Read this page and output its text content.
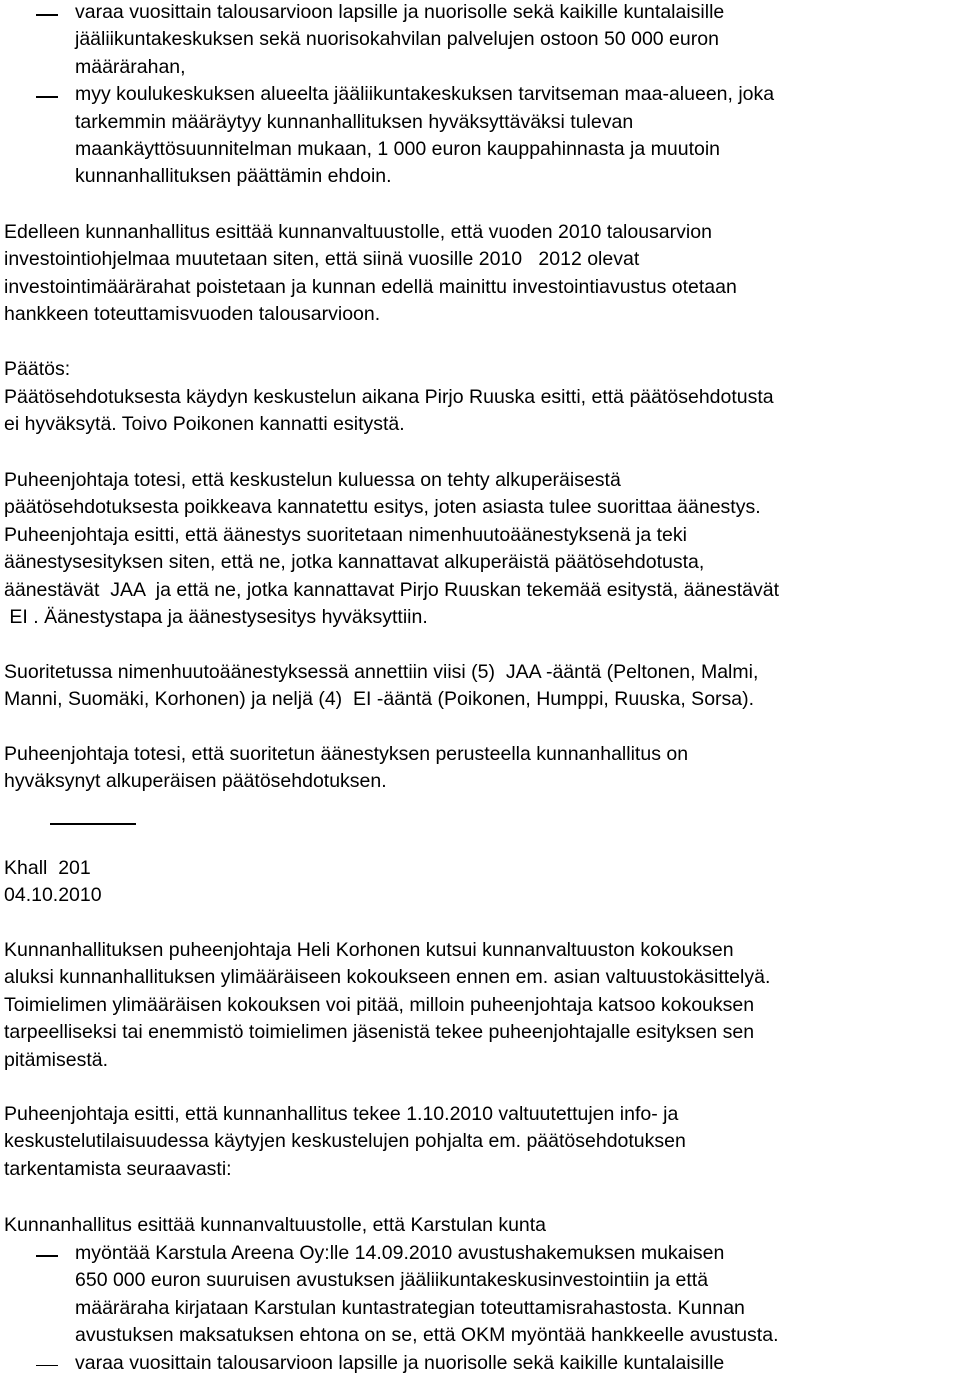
varaa vuosittain talousarvioon lapsille ja nuorisolle sekä kaikille kuntalaisille
jääliikuntakeskuksen sekä nuorisokahvilan palvelujen ostoon 50 000 euron
määrärahan,
myy koulukeskuksen alueelta jääliikuntakeskuksen tarvitseman maa-alueen, joka
tarkemmin määräytyy kunnanhallituksen hyväksyttäväksi tulevan
maankäyttösuunnitelman mukaan, 1 000 euron kauppahinnasta ja muutoin
kunnanhallituksen päättämin ehdoin.
Edelleen kunnanhallitus esittää kunnanvaltuustolle, että vuoden 2010 talousarvion
investointiohjelmaa muutetaan siten, että siinä vuosille 2010   2012 olevat
investointimäärärahat poistetaan ja kunnan edellä mainittu investointiavustus otetaan
hankkeen toteuttamisvuoden talousarvioon.
Päätös:
Päätösehdotuksesta käydyn keskustelun aikana Pirjo Ruuska esitti, että päätösehdotusta
ei hyväksytä. Toivo Poikonen kannatti esitystä.
Puheenjohtaja totesi, että keskustelun kuluessa on tehty alkuperäisestä
päätösehdotuksesta poikkeava kannatettu esitys, joten asiasta tulee suorittaa äänestys.
Puheenjohtaja esitti, että äänestys suoritetaan nimenhuutoäänestyksenä ja teki
äänestysesityksen siten, että ne, jotka kannattavat alkuperäistä päätösehdotusta,
äänestävät  JAA  ja että ne, jotka kannattavat Pirjo Ruuskan tekemää esitystä, äänestävät
EI . Äänestystapa ja äänestysesitys hyväksyttiin.
Suoritetussa nimenhuutoäänestyksessä annettiin viisi (5)  JAA -ääntä (Peltonen, Malmi,
Manni, Suomäki, Korhonen) ja neljä (4)  EI -ääntä (Poikonen, Humppi, Ruuska, Sorsa).
Puheenjohtaja totesi, että suoritetun äänestyksen perusteella kunnanhallitus on
hyväksynyt alkuperäisen päätösehdotuksen.
Khall  201
04.10.2010
Kunnanhallituksen puheenjohtaja Heli Korhonen kutsui kunnanvaltuuston kokouksen
aluksi kunnanhallituksen ylimääräiseen kokoukseen ennen em. asian valtuustokäsittelyä.
Toimielimen ylimääräisen kokouksen voi pitää, milloin puheenjohtaja katsoo kokouksen
tarpeelliseksi tai enemmistö toimielimen jäsenistä tekee puheenjohtajalle esityksen sen
pitämisestä.
Puheenjohtaja esitti, että kunnanhallitus tekee 1.10.2010 valtuutettujen info- ja
keskustelutilaisuudessa käytyjen keskustelujen pohjalta em. päätösehdotuksen
tarkentamista seuraavasti:
Kunnanhallitus esittää kunnanvaltuustolle, että Karstulan kunta
myöntää Karstula Areena Oy:lle 14.09.2010 avustushakemuksen mukaisen
650 000 euron suuruisen avustuksen jääliikuntakeskusinvestointiin ja että
määräraha kirjataan Karstulan kuntastrategian toteuttamisrahastosta. Kunnan
avustuksen maksatuksen ehtona on se, että OKM myöntää hankkeelle avustusta.
varaa vuosittain talousarvioon lapsille ja nuorisolle sekä kaikille kuntalaisille
